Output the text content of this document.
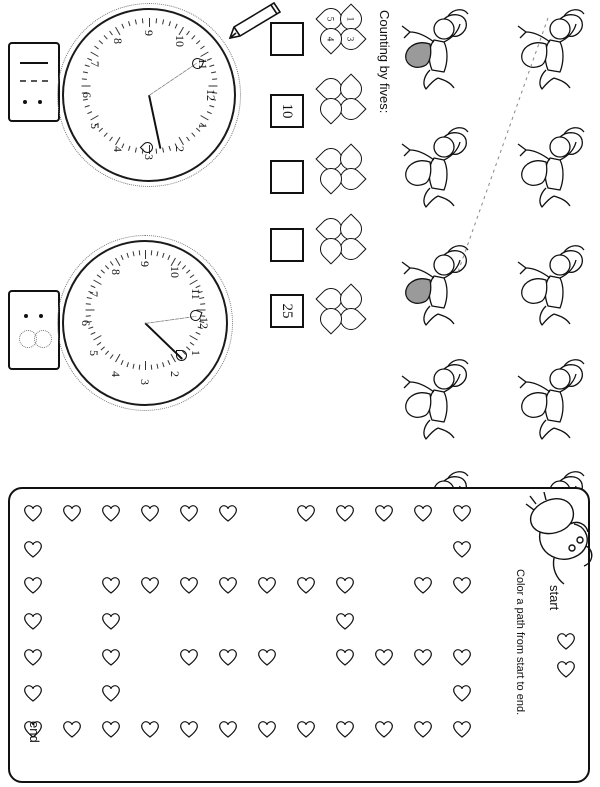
12
1
2
3
4
5
6
7
8
9
10
11
12
1
2
3
4
5
6
7
8
9
10
11
Counting by fives:
10
25
5 1
4 3
Color a path from start to end. start
end
